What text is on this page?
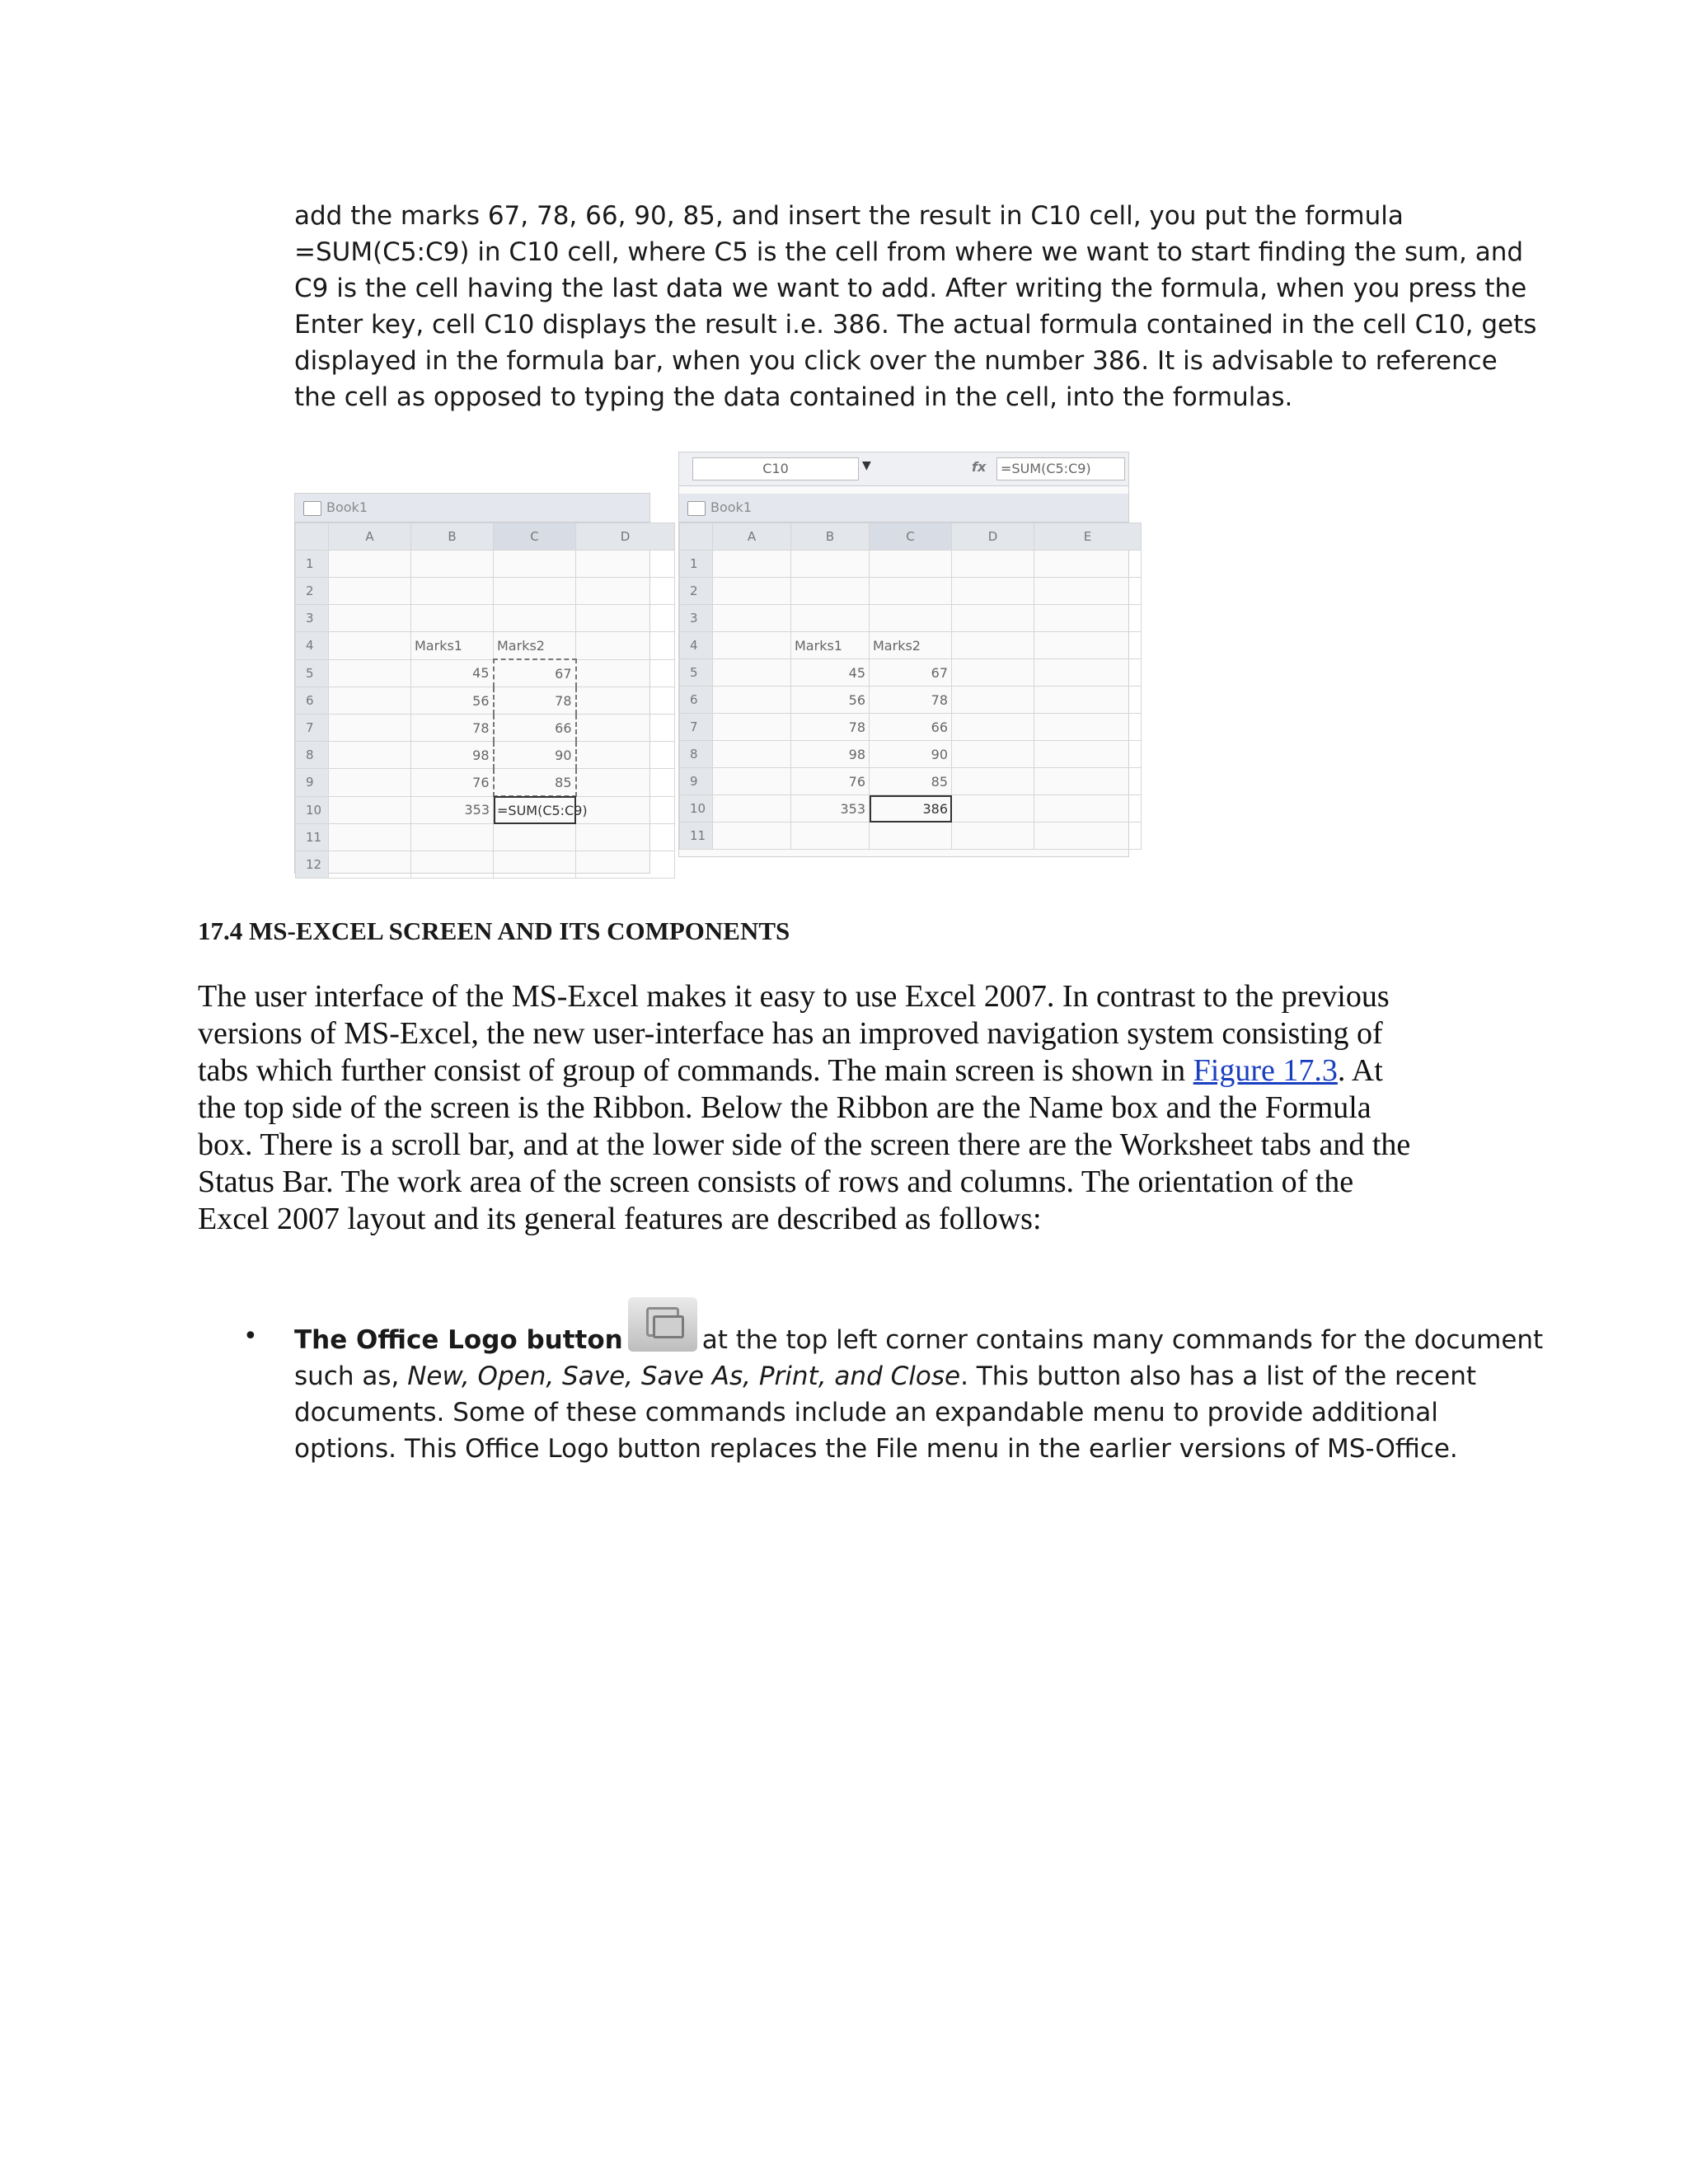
add the marks 67, 78, 66, 90, 85, and insert the result in C10 cell, you put the formula
=SUM(C5:C9) in C10 cell, where C5 is the cell from where we want to start finding the sum, and
C9 is the cell having the last data we want to add. After writing the formula, when you press the
Enter key, cell C10 displays the result i.e. 386. The actual formula contained in the cell C10, gets
displayed in the formula bar, when you click over the number 386. It is advisable to reference
the cell as opposed to typing the data contained in the cell, into the formulas.

Book1
	A	B	C	D
1				
2				
3				
4		Marks1	Marks2	
5		45	67	
6		56	78	
7		78	66	
8		98	90	
9		76	85	
10		353	=SUM(C5:C9)	
11				
12				
C10	▼	fx	=SUM(C5:C9)
Book1
	A	B	C	D	E
1					
2					
3					
4		Marks1	Marks2		
5		45	67		
6		56	78		
7		78	66		
8		98	90		
9		76	85		
10		353	386		
11					
17.4 MS-EXCEL SCREEN AND ITS COMPONENTS

The user interface of the MS-Excel makes it easy to use Excel 2007. In contrast to the previous
versions of MS-Excel, the new user-interface has an improved navigation system consisting of
tabs which further consist of group of commands. The main screen is shown in Figure 17.3. At
the top side of the screen is the Ribbon. Below the Ribbon are the Name box and the Formula
box. There is a scroll bar, and at the lower side of the screen there are the Worksheet tabs and the
Status Bar. The work area of the screen consists of rows and columns. The orientation of the
Excel 2007 layout and its general features are described as follows:

• The Office Logo button	at the top left corner contains many commands for the document
such as, New, Open, Save, Save As, Print, and Close. This button also has a list of the recent
documents. Some of these commands include an expandable menu to provide additional
options. This Office Logo button replaces the File menu in the earlier versions of MS-Office.
